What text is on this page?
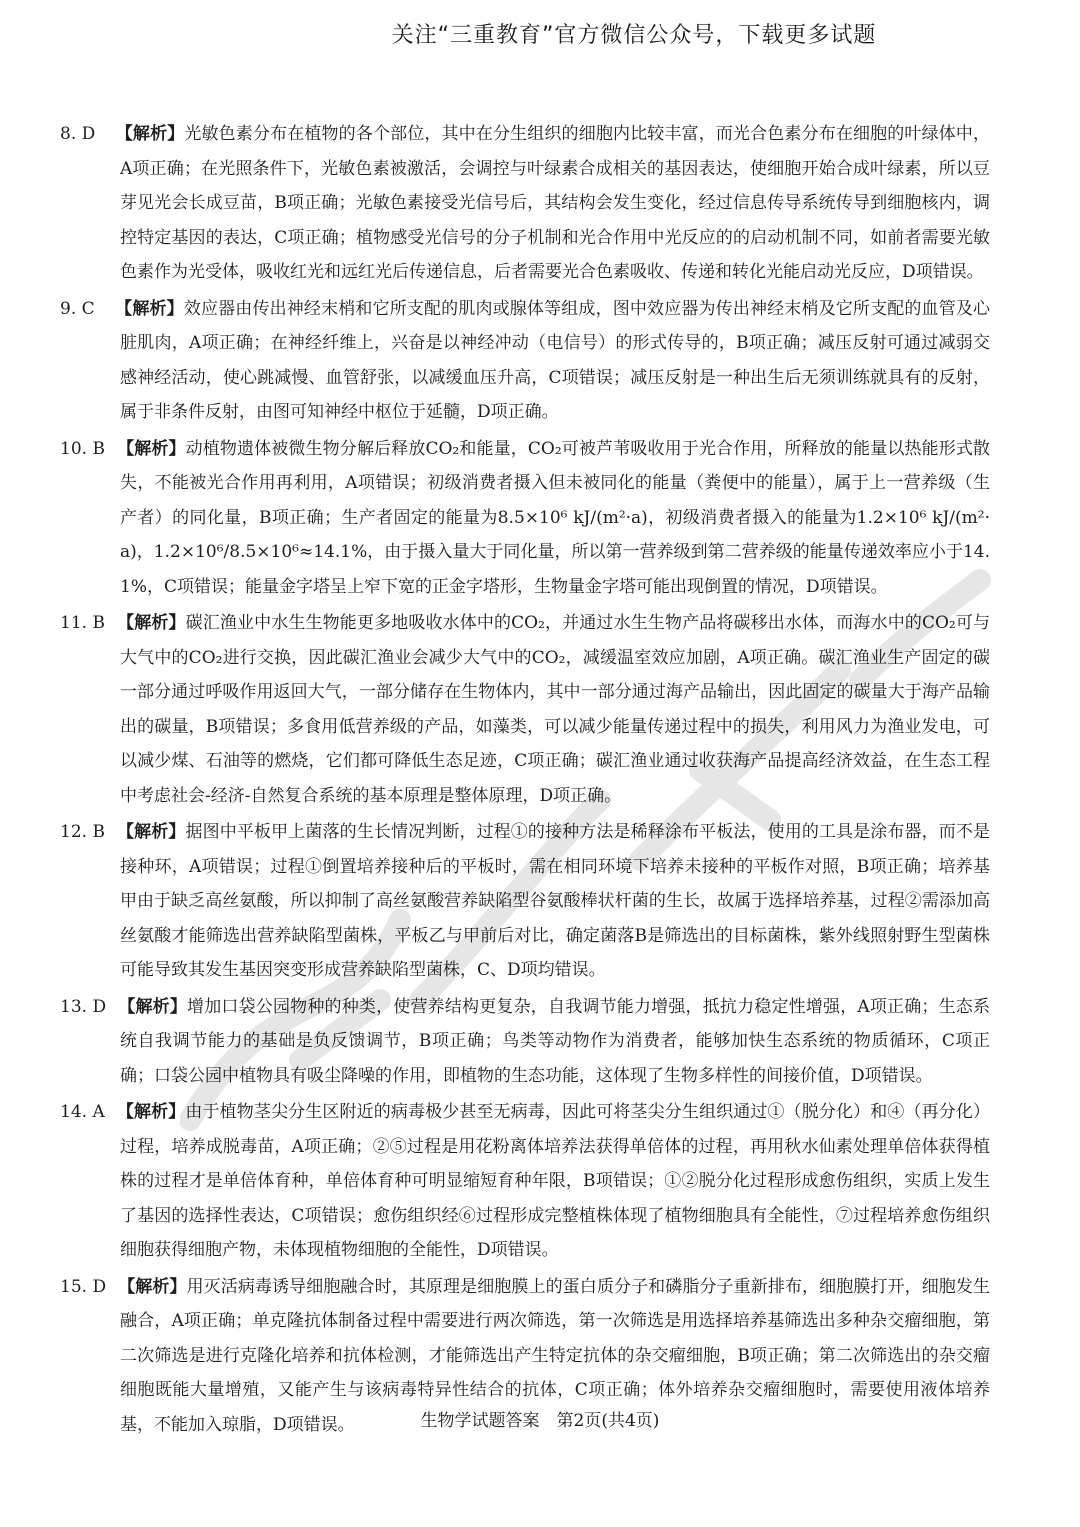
关注“三重教育”官方微信公众号，下载更多试题

8. D 【解析】光敏色素分布在植物的各个部位，其中在分生组织的细胞内比较丰富，而光合色素分布在细胞的叶绿体中，A项正确；在光照条件下，光敏色素被激活，会调控与叶绿素合成相关的基因表达，使细胞开始合成叶绿素，所以豆芽见光会长成豆苗，B项正确；光敏色素接受光信号后，其结构会发生变化，经过信息传导系统传导到细胞核内，调控特定基因的表达，C项正确；植物感受光信号的分子机制和光合作用中光反应的的启动机制不同，如前者需要光敏色素作为光受体，吸收红光和远红光后传递信息，后者需要光合色素吸收、传递和转化光能启动光反应，D项错误。

9. C 【解析】效应器由传出神经末梢和它所支配的肌肉或腺体等组成，图中效应器为传出神经末梢及它所支配的血管及心脏肌肉，A项正确；在神经纤维上，兴奋是以神经冲动（电信号）的形式传导的，B项正确；减压反射可通过减弱交感神经活动，使心跳减慢、血管舒张，以减缓血压升高，C项错误；减压反射是一种出生后无须训练就具有的反射，属于非条件反射，由图可知神经中枢位于延髓，D项正确。

10. B 【解析】动植物遗体被微生物分解后释放CO₂和能量，CO₂可被芦苇吸收用于光合作用，所释放的能量以热能形式散失，不能被光合作用再利用，A项错误；初级消费者摄入但未被同化的能量（粪便中的能量），属于上一营养级（生产者）的同化量，B项正确；生产者固定的能量为8.5×10⁶ kJ/(m²·a)，初级消费者摄入的能量为1.2×10⁶ kJ/(m²·a)，1.2×10⁶/8.5×10⁶≈14.1%，由于摄入量大于同化量，所以第一营养级到第二营养级的能量传递效率应小于14.1%，C项错误；能量金字塔呈上窄下宽的正金字塔形，生物量金字塔可能出现倒置的情况，D项错误。

11. B 【解析】碳汇渔业中水生生物能更多地吸收水体中的CO₂，并通过水生生物产品将碳移出水体，而海水中的CO₂可与大气中的CO₂进行交换，因此碳汇渔业会减少大气中的CO₂，减缓温室效应加剧，A项正确。碳汇渔业生产固定的碳一部分通过呼吸作用返回大气，一部分储存在生物体内，其中一部分通过海产品输出，因此固定的碳量大于海产品输出的碳量，B项错误；多食用低营养级的产品，如藻类，可以减少能量传递过程中的损失，利用风力为渔业发电，可以减少煤、石油等的燃烧，它们都可降低生态足迹，C项正确；碳汇渔业通过收获海产品提高经济效益，在生态工程中考虑社会-经济-自然复合系统的基本原理是整体原理，D项正确。

12. B 【解析】据图中平板甲上菌落的生长情况判断，过程①的接种方法是稀释涂布平板法，使用的工具是涂布器，而不是接种环，A项错误；过程①倒置培养接种后的平板时，需在相同环境下培养未接种的平板作对照，B项正确；培养基甲由于缺乏高丝氨酸，所以抑制了高丝氨酸营养缺陷型谷氨酸棒状杆菌的生长，故属于选择培养基，过程②需添加高丝氨酸才能筛选出营养缺陷型菌株，平板乙与甲前后对比，确定菌落B是筛选出的目标菌株，紫外线照射野生型菌株可能导致其发生基因突变形成营养缺陷型菌株，C、D项均错误。

13. D 【解析】增加口袋公园物种的种类，使营养结构更复杂，自我调节能力增强，抵抗力稳定性增强，A项正确；生态系统自我调节能力的基础是负反馈调节，B项正确；鸟类等动物作为消费者，能够加快生态系统的物质循环，C项正确；口袋公园中植物具有吸尘降噪的作用，即植物的生态功能，这体现了生物多样性的间接价值，D项错误。

14. A 【解析】由于植物茎尖分生区附近的病毒极少甚至无病毒，因此可将茎尖分生组织通过①（脱分化）和④（再分化）过程，培养成脱毒苗，A项正确；②⑤过程是用花粉离体培养法获得单倍体的过程，再用秋水仙素处理单倍体获得植株的过程才是单倍体育种，单倍体育种可明显缩短育种年限，B项错误；①②脱分化过程形成愈伤组织，实质上发生了基因的选择性表达，C项错误；愈伤组织经⑥过程形成完整植株体现了植物细胞具有全能性，⑦过程培养愈伤组织细胞获得细胞产物，未体现植物细胞的全能性，D项错误。

15. D 【解析】用灭活病毒诱导细胞融合时，其原理是细胞膜上的蛋白质分子和磷脂分子重新排布，细胞膜打开，细胞发生融合，A项正确；单克隆抗体制备过程中需要进行两次筛选，第一次筛选是用选择培养基筛选出多种杂交瘤细胞，第二次筛选是进行克隆化培养和抗体检测，才能筛选出产生特定抗体的杂交瘤细胞，B项正确；第二次筛选出的杂交瘤细胞既能大量增殖，又能产生与该病毒特异性结合的抗体，C项正确；体外培养杂交瘤细胞时，需要使用液体培养基，不能加入琼脂，D项错误。	生物学试题答案　第2页(共4页)
